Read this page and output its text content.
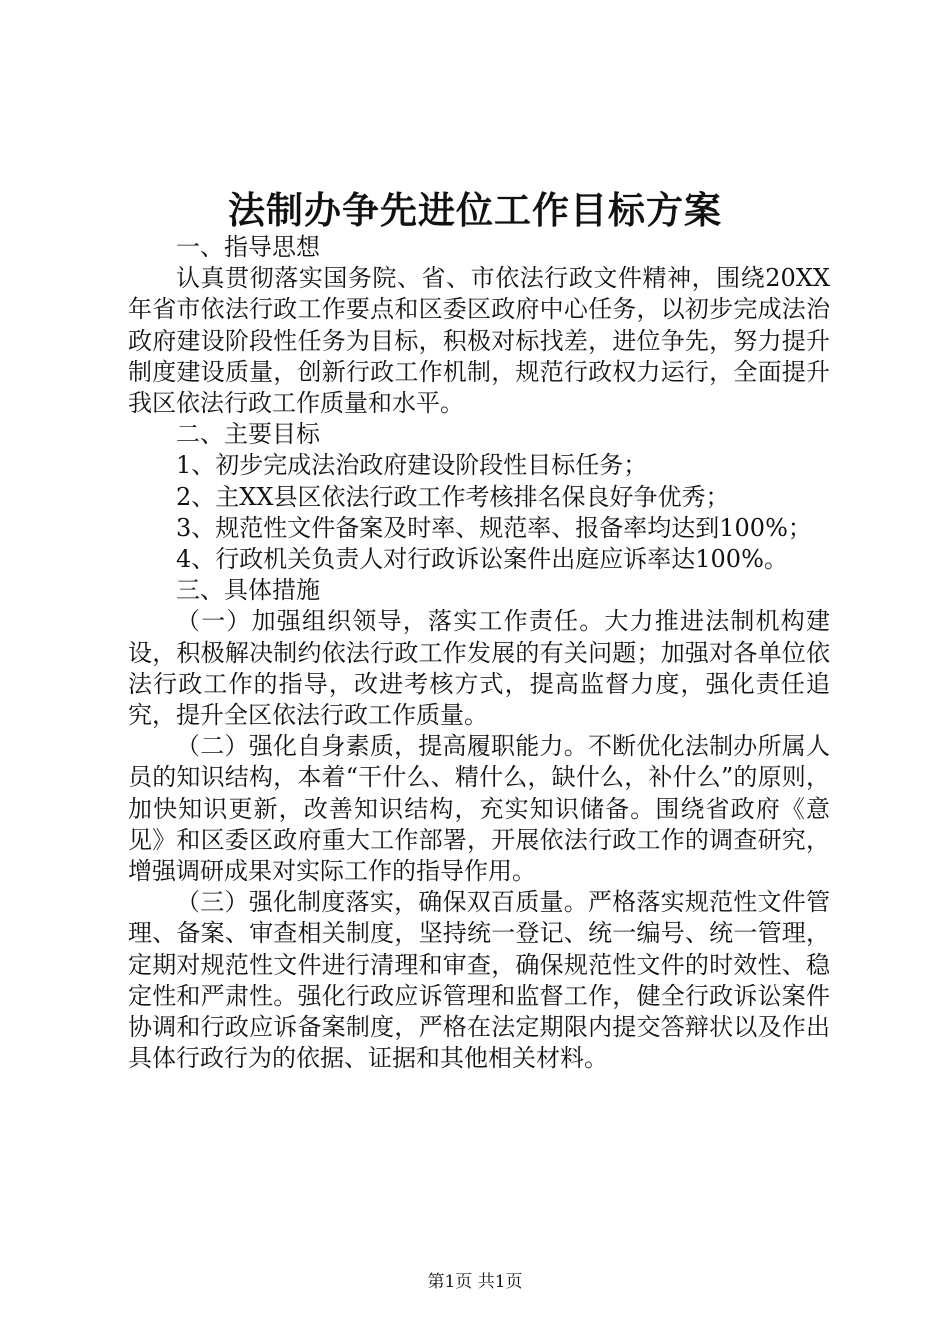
法制办争先进位工作目标方案

一、指导思想

认真贯彻落实国务院、省、市依法行政文件精神，围绕20XX年省市依法行政工作要点和区委区政府中心任务，以初步完成法治政府建设阶段性任务为目标，积极对标找差，进位争先，努力提升制度建设质量，创新行政工作机制，规范行政权力运行，全面提升我区依法行政工作质量和水平。

二、主要目标

1、初步完成法治政府建设阶段性目标任务；

2、主XX县区依法行政工作考核排名保良好争优秀；

3、规范性文件备案及时率、规范率、报备率均达到100%；

4、行政机关负责人对行政诉讼案件出庭应诉率达100%。

三、具体措施

（一）加强组织领导，落实工作责任。大力推进法制机构建设，积极解决制约依法行政工作发展的有关问题；加强对各单位依法行政工作的指导，改进考核方式，提高监督力度，强化责任追究，提升全区依法行政工作质量。

（二）强化自身素质，提高履职能力。不断优化法制办所属人员的知识结构，本着“干什么、精什么，缺什么，补什么”的原则，加快知识更新，改善知识结构，充实知识储备。围绕省政府《意见》和区委区政府重大工作部署，开展依法行政工作的调查研究，增强调研成果对实际工作的指导作用。

（三）强化制度落实，确保双百质量。严格落实规范性文件管理、备案、审查相关制度，坚持统一登记、统一编号、统一管理，定期对规范性文件进行清理和审查，确保规范性文件的时效性、稳定性和严肃性。强化行政应诉管理和监督工作，健全行政诉讼案件协调和行政应诉备案制度，严格在法定期限内提交答辩状以及作出具体行政行为的依据、证据和其他相关材料。

第1页 共1页
